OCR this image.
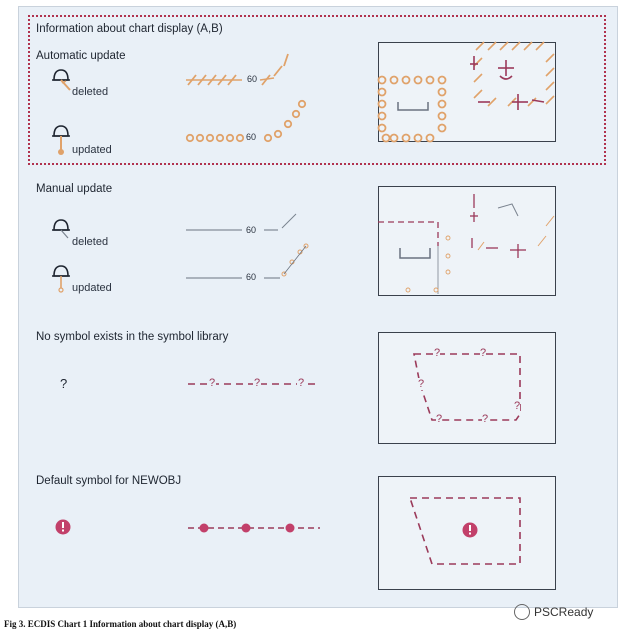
Information about chart display (A,B)
Automatic update
deleted
updated
60
60
Manual update
deleted
updated
60
60
No symbol exists in the symbol library
?	?	?	?
?	?
?
?
?	?
Default symbol for NEWOBJ
Fig 3. ECDIS Chart 1 Information about chart display (A,B)
PSCReady
